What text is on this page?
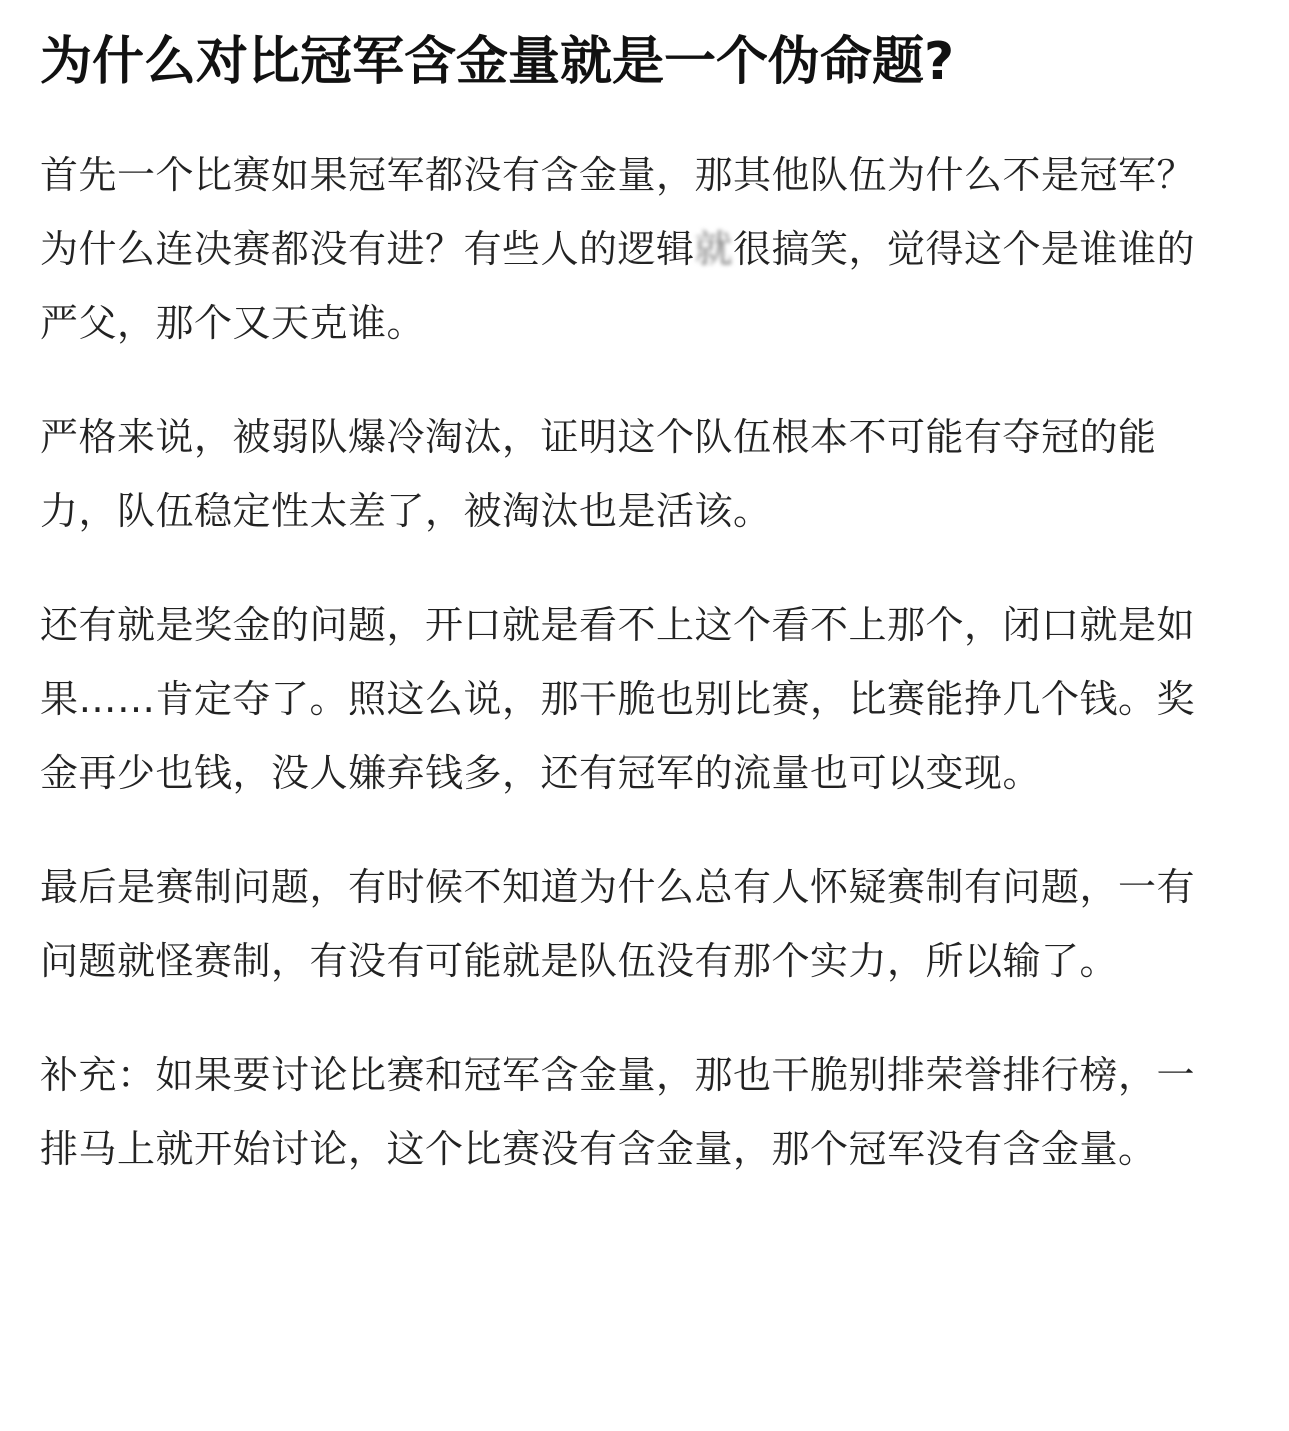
为什么对比冠军含金量就是一个伪命题?

首先一个比赛如果冠军都没有含金量，那其他队伍为什么不是冠军？为什么连决赛都没有进？有些人的逻辑就很搞笑，觉得这个是谁谁的严父，那个又天克谁。

严格来说，被弱队爆冷淘汰，证明这个队伍根本不可能有夺冠的能力，队伍稳定性太差了，被淘汰也是活该。

还有就是奖金的问题，开口就是看不上这个看不上那个，闭口就是如果……肯定夺了。照这么说，那干脆也别比赛，比赛能挣几个钱。奖金再少也钱，没人嫌弃钱多，还有冠军的流量也可以变现。

最后是赛制问题，有时候不知道为什么总有人怀疑赛制有问题，一有问题就怪赛制，有没有可能就是队伍没有那个实力，所以输了。

补充：如果要讨论比赛和冠军含金量，那也干脆别排荣誉排行榜，一排马上就开始讨论，这个比赛没有含金量，那个冠军没有含金量。
